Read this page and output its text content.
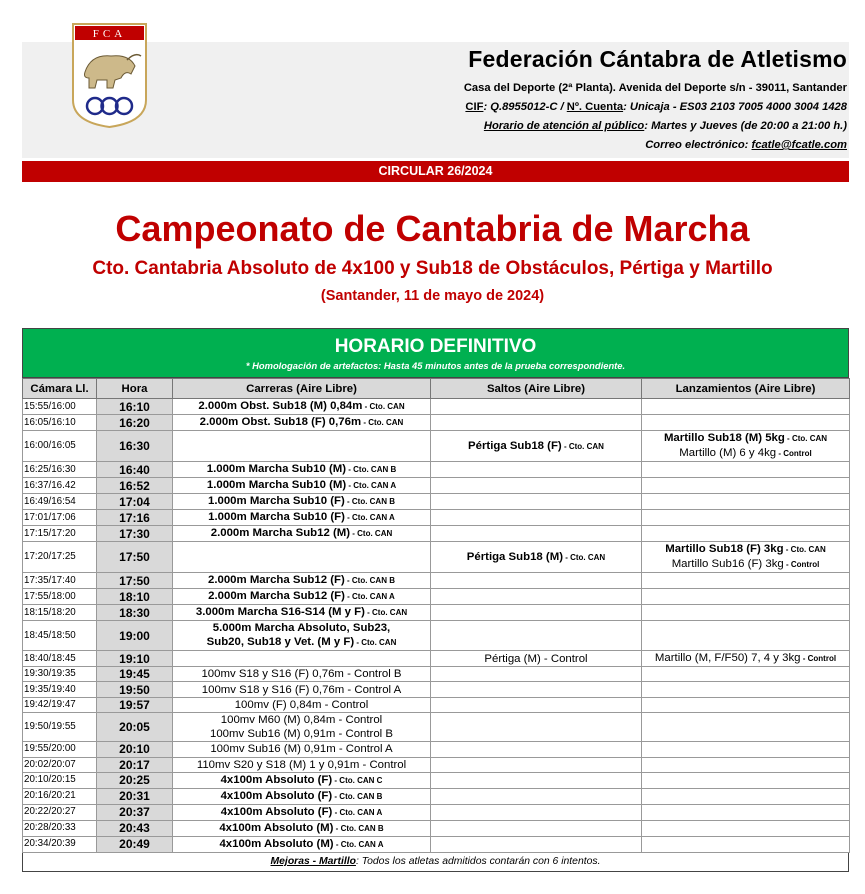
FCA
Federación Cántabra de Atletismo
Casa del Deporte (2ª Planta). Avenida del Deporte s/n - 39011, Santander
CIF: Q.8955012-C / Nº. Cuenta: Unicaja - ES03 2103 7005 4000 3004 1428
Horario de atención al público: Martes y Jueves (de 20:00 a 21:00 h.)
Correo electrónico: fcatle@fcatle.com
CIRCULAR 26/2024
Campeonato de Cantabria de Marcha
Cto. Cantabria Absoluto de 4x100 y Sub18 de Obstáculos, Pértiga y Martillo
(Santander, 11 de mayo de 2024)
HORARIO DEFINITIVO
* Homologación de artefactos: Hasta 45 minutos antes de la prueba correspondiente.
Cámara Ll.	Hora	Carreras (Aire Libre)	Saltos (Aire Libre)	Lanzamientos (Aire Libre)
15:55/16:00	16:10	2.000m Obst. Sub18 (M) 0,84m - Cto. CAN		

16:05/16:10	16:20	2.000m Obst. Sub18 (F) 0,76m - Cto. CAN		

16:00/16:05	16:30		Pértiga Sub18 (F) - Cto. CAN	Martillo Sub18 (M) 5kg - Cto. CAN
Martillo (M) 6 y 4kg - Control

16:25/16:30	16:40	1.000m Marcha Sub10 (M) - Cto. CAN B		

16:37/16.42	16:52	1.000m Marcha Sub10 (M) - Cto. CAN A		

16:49/16:54	17:04	1.000m Marcha Sub10 (F) - Cto. CAN B		

17:01/17:06	17:16	1.000m Marcha Sub10 (F) - Cto. CAN A		

17:15/17:20	17:30	2.000m Marcha Sub12 (M) - Cto. CAN		

17:20/17:25	17:50		Pértiga Sub18 (M) - Cto. CAN	Martillo Sub18 (F) 3kg - Cto. CAN
Martillo Sub16 (F) 3kg - Control

17:35/17:40	17:50	2.000m Marcha Sub12 (F) - Cto. CAN B		

17:55/18:00	18:10	2.000m Marcha Sub12 (F) - Cto. CAN A		

18:15/18:20	18:30	3.000m Marcha S16-S14 (M y F) - Cto. CAN		

18:45/18:50	19:00	5.000m Marcha Absoluto, Sub23,
Sub20, Sub18 y Vet. (M y F) - Cto. CAN		

18:40/18:45	19:10		Pértiga (M) - Control	Martillo (M, F/F50) 7, 4 y 3kg - Control

19:30/19:35	19:45	100mv S18 y S16 (F) 0,76m - Control B		

19:35/19:40	19:50	100mv S18 y S16 (F) 0,76m - Control A		

19:42/19:47	19:57	100mv (F) 0,84m - Control		

19:50/19:55	20:05	100mv M60 (M) 0,84m - Control
100mv Sub16 (M) 0,91m - Control B		

19:55/20:00	20:10	100mv Sub16 (M) 0,91m - Control A		

20:02/20:07	20:17	110mv S20 y S18 (M) 1 y 0,91m - Control		

20:10/20:15	20:25	4x100m Absoluto (F) - Cto. CAN C		

20:16/20:21	20:31	4x100m Absoluto (F) - Cto. CAN B		

20:22/20:27	20:37	4x100m Absoluto (F) - Cto. CAN A		

20:28/20:33	20:43	4x100m Absoluto (M) - Cto. CAN B		

20:34/20:39	20:49	4x100m Absoluto (M) - Cto. CAN A		

Mejoras - Martillo: Todos los atletas admitidos contarán con 6 intentos.
